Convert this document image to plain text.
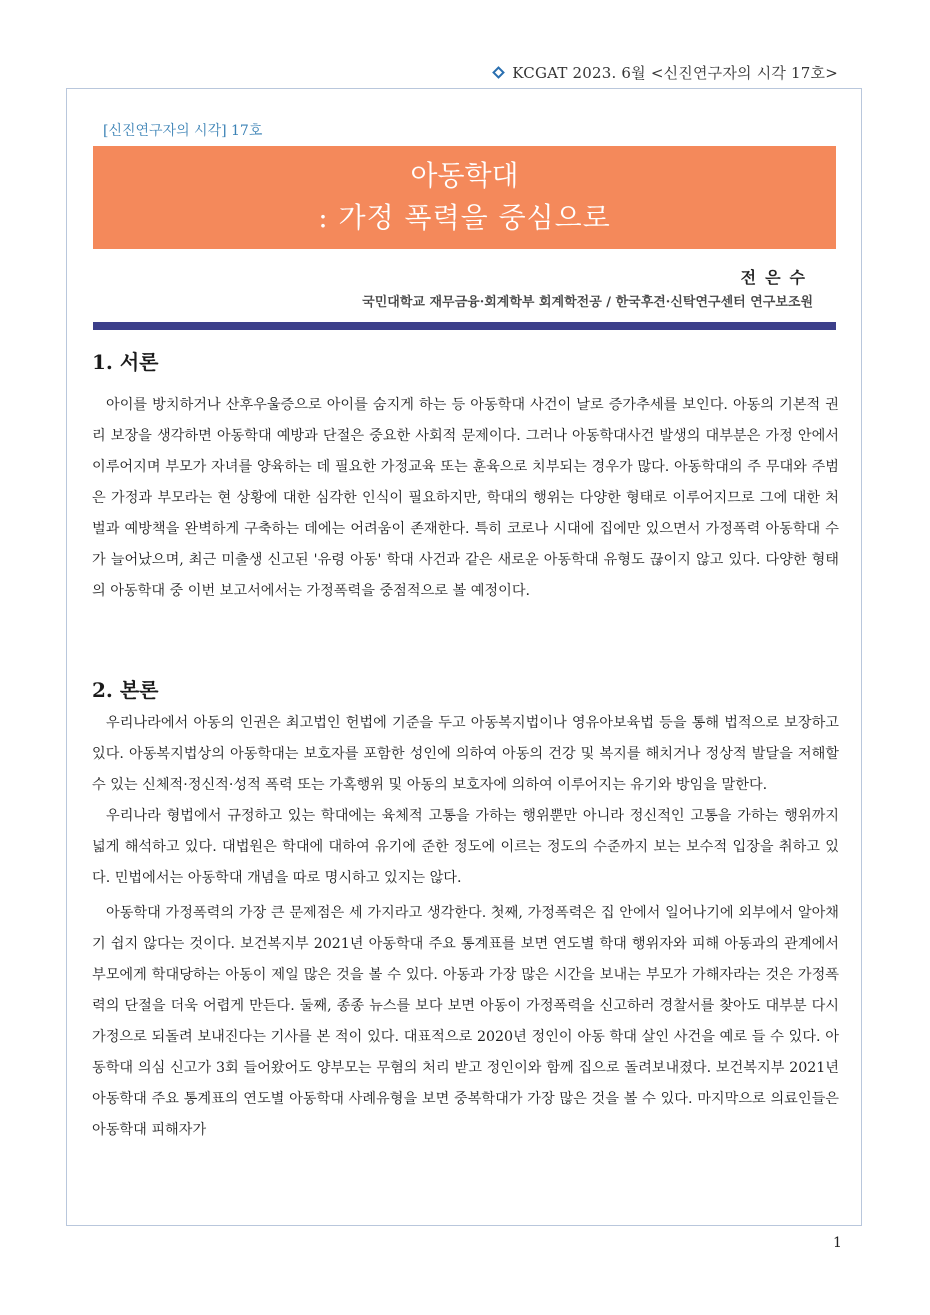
KCGAT 2023. 6월 <신진연구자의 시각 17호>
[신진연구자의 시각] 17호
아동학대
: 가정 폭력을 중심으로
전은수
국민대학교 재무금융·회계학부 회계학전공 / 한국후견·신탁연구센터 연구보조원
1. 서론

아이를 방치하거나 산후우울증으로 아이를 숨지게 하는 등 아동학대 사건이 날로 증가추세를 보인다. 아동의 기본적 권리 보장을 생각하면 아동학대 예방과 단절은 중요한 사회적 문제이다. 그러나 아동학대사건 발생의 대부분은 가정 안에서 이루어지며 부모가 자녀를 양육하는 데 필요한 가정교육 또는 훈육으로 치부되는 경우가 많다. 아동학대의 주 무대와 주범은 가정과 부모라는 현 상황에 대한 심각한 인식이 필요하지만, 학대의 행위는 다양한 형태로 이루어지므로 그에 대한 처벌과 예방책을 완벽하게 구축하는 데에는 어려움이 존재한다. 특히 코로나 시대에 집에만 있으면서 가정폭력 아동학대 수가 늘어났으며, 최근 미출생 신고된 '유령 아동' 학대 사건과 같은 새로운 아동학대 유형도 끊이지 않고 있다. 다양한 형태의 아동학대 중 이번 보고서에서는 가정폭력을 중점적으로 볼 예정이다.

2. 본론

우리나라에서 아동의 인권은 최고법인 헌법에 기준을 두고 아동복지법이나 영유아보육법 등을 통해 법적으로 보장하고 있다. 아동복지법상의 아동학대는 보호자를 포함한 성인에 의하여 아동의 건강 및 복지를 해치거나 정상적 발달을 저해할 수 있는 신체적·정신적·성적 폭력 또는 가혹행위 및 아동의 보호자에 의하여 이루어지는 유기와 방임을 말한다.

우리나라 형법에서 규정하고 있는 학대에는 육체적 고통을 가하는 행위뿐만 아니라 정신적인 고통을 가하는 행위까지 넓게 해석하고 있다. 대법원은 학대에 대하여 유기에 준한 정도에 이르는 정도의 수준까지 보는 보수적 입장을 취하고 있다. 민법에서는 아동학대 개념을 따로 명시하고 있지는 않다.

아동학대 가정폭력의 가장 큰 문제점은 세 가지라고 생각한다. 첫째, 가정폭력은 집 안에서 일어나기에 외부에서 알아채기 쉽지 않다는 것이다. 보건복지부 2021년 아동학대 주요 통계표를 보면 연도별 학대 행위자와 피해 아동과의 관계에서 부모에게 학대당하는 아동이 제일 많은 것을 볼 수 있다. 아동과 가장 많은 시간을 보내는 부모가 가해자라는 것은 가정폭력의 단절을 더욱 어렵게 만든다. 둘째, 종종 뉴스를 보다 보면 아동이 가정폭력을 신고하러 경찰서를 찾아도 대부분 다시 가정으로 되돌려 보내진다는 기사를 본 적이 있다. 대표적으로 2020년 정인이 아동 학대 살인 사건을 예로 들 수 있다. 아동학대 의심 신고가 3회 들어왔어도 양부모는 무혐의 처리 받고 정인이와 함께 집으로 돌려보내졌다. 보건복지부 2021년 아동학대 주요 통계표의 연도별 아동학대 사례유형을 보면 중복학대가 가장 많은 것을 볼 수 있다. 마지막으로 의료인들은 아동학대 피해자가

1
